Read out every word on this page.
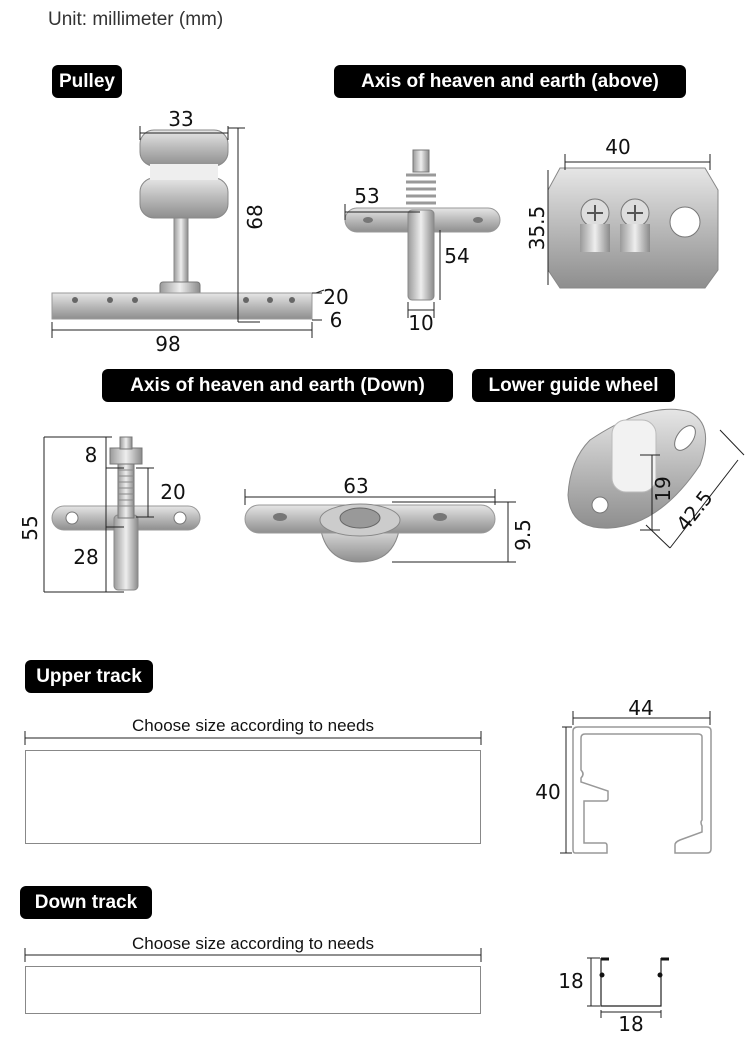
Unit: millimeter (mm)
Pulley	Axis of heaven and earth (above)
Axis of heaven and earth (Down)	Lower guide wheel
Upper track
Down track
Choose size according to needs
Choose size according to needs
33
68
20
6
98
53
54
10
40
35.5
8
20
55
28
63
9.5
19
42.5
44
40
18
18
